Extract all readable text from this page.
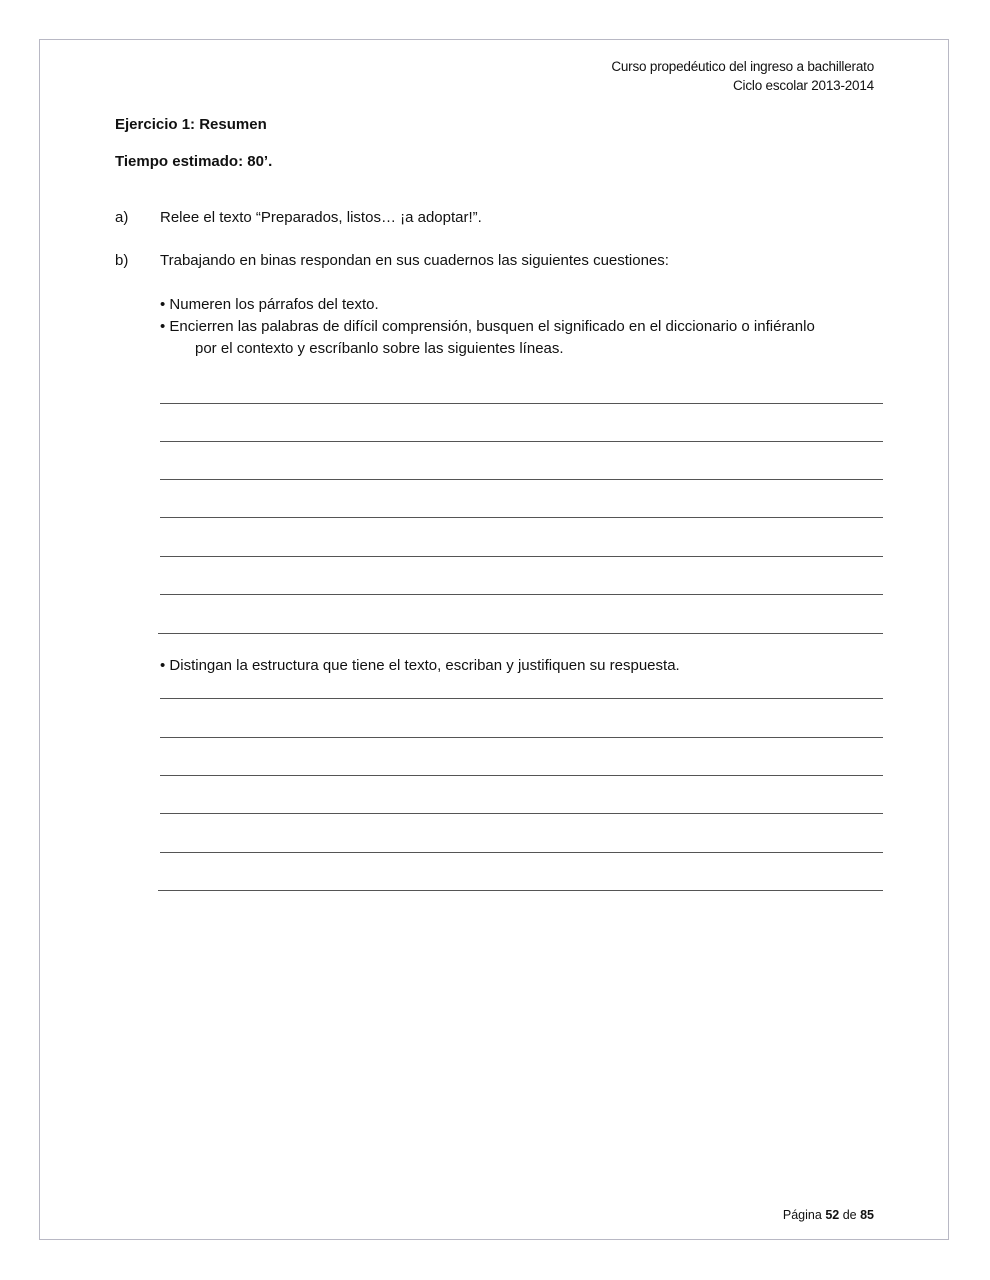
Curso propedéutico del ingreso a bachillerato
Ciclo escolar 2013-2014
Ejercicio 1: Resumen
Tiempo estimado: 80’.
a) Relee el texto “Preparados, listos… ¡a adoptar!”.
b) Trabajando en binas respondan en sus cuadernos las siguientes cuestiones:
• Numeren los párrafos del texto.
• Encierren las palabras de difícil comprensión, busquen el significado en el diccionario o infiéranlo
por el contexto y escríbanlo sobre las siguientes líneas.
• Distingan la estructura que tiene el texto, escriban y justifiquen su respuesta.
Página 52 de 85
